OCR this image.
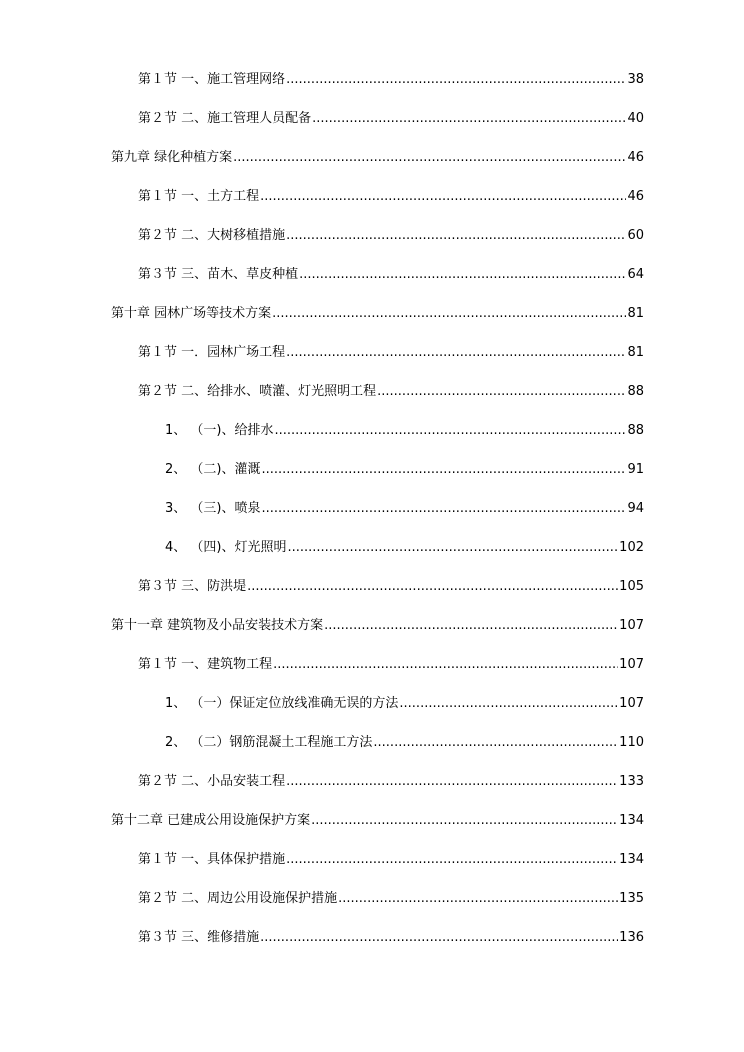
第１节 一、施工管理网络 .....	38
第２节 二、施工管理人员配备 .....	40
第九章 绿化种植方案 .....	46
第１节 一、土方工程 .....	46
第２节 二、大树移植措施 .....	60
第３节 三、苗木、草皮种植 .....	64
第十章 园林广场等技术方案 .....	81
第１节 一．园林广场工程 .....	81
第２节 二、给排水、喷灌、灯光照明工程 .....	88
1、 （一)、给排水 .....	88
2、 （二)、灌溉 .....	91
3、 （三)、喷泉 .....	94
4、 （四)、灯光照明 .....	102
第３节 三、防洪堤 .....	105
第十一章 建筑物及小品安装技术方案 .....	107
第１节 一、建筑物工程 .....	107
1、 （一）保证定位放线准确无误的方法 .....	107
2、 （二）钢筋混凝土工程施工方法 .....	110
第２节 二、小品安装工程 .....	133
第十二章 已建成公用设施保护方案 .....	134
第１节 一、具体保护措施 .....	134
第２节 二、周边公用设施保护措施 .....	135
第３节 三、维修措施 .....	136
